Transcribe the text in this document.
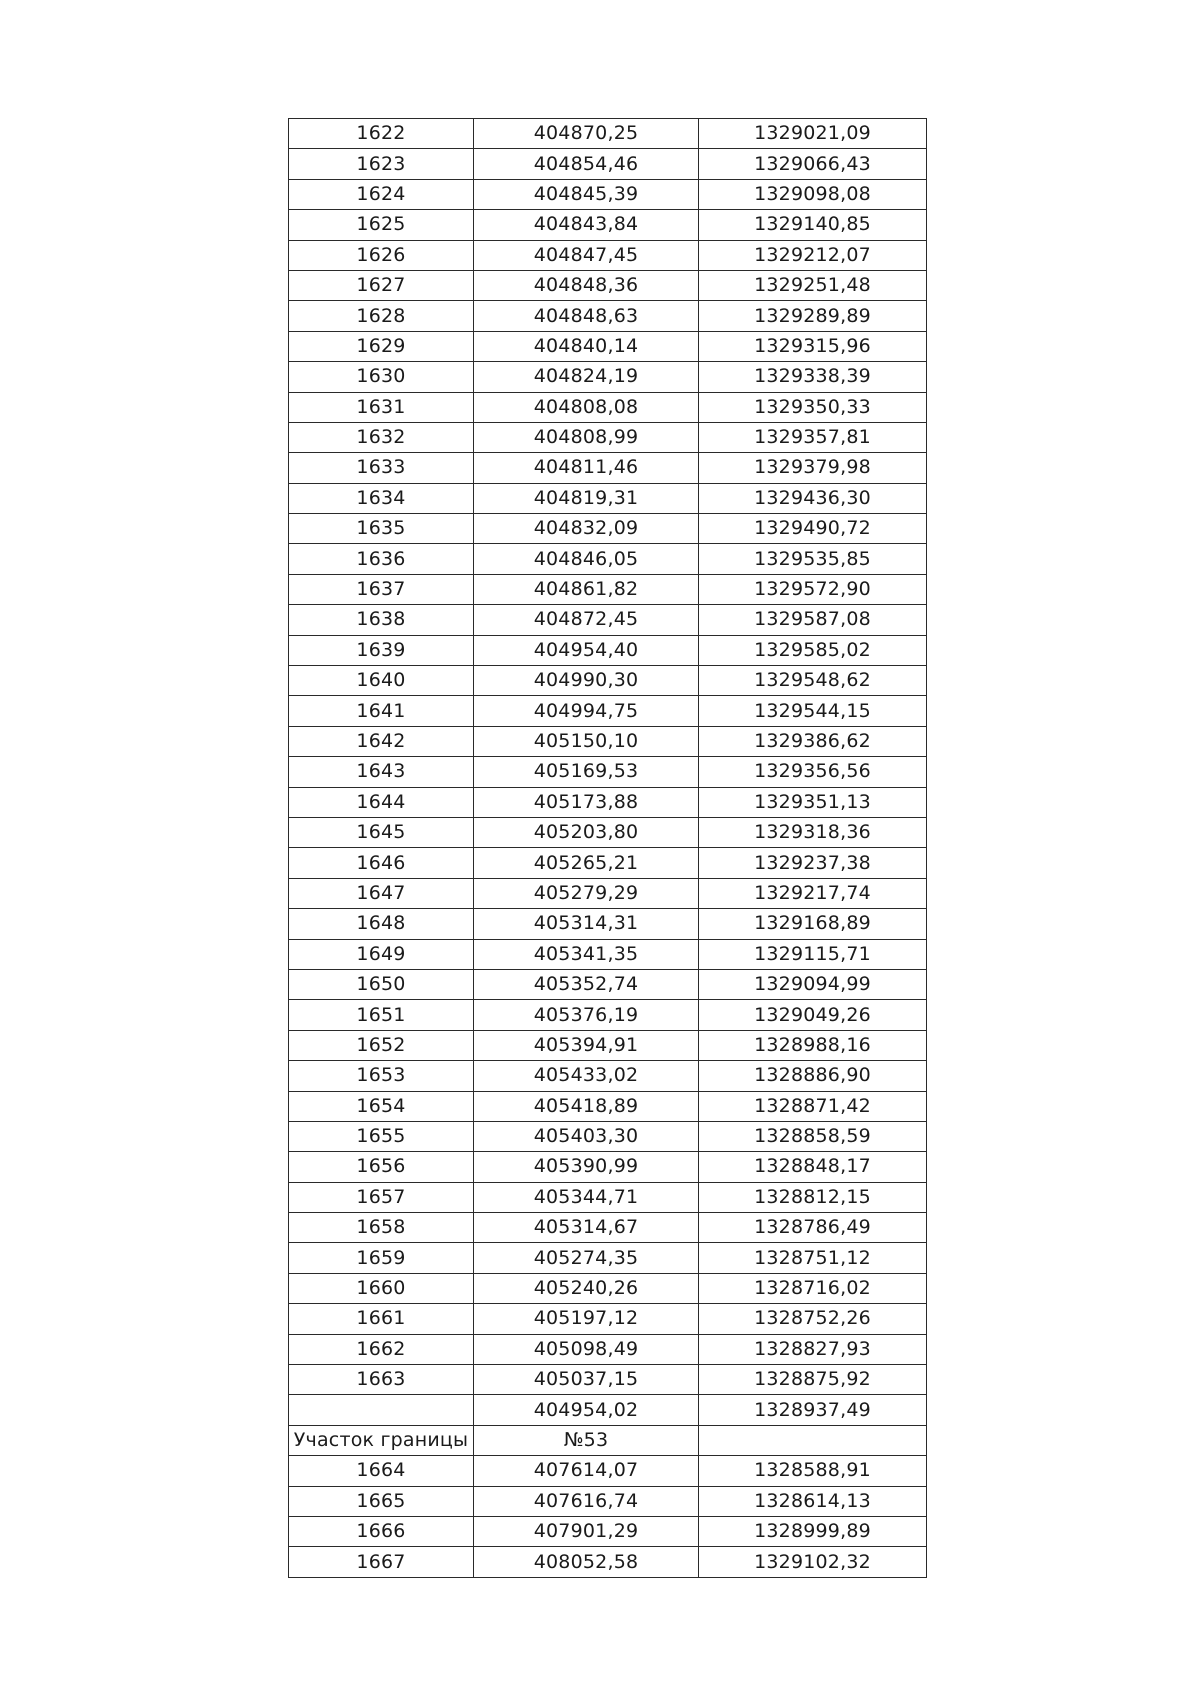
1622	404870,25	1329021,09
1623	404854,46	1329066,43
1624	404845,39	1329098,08
1625	404843,84	1329140,85
1626	404847,45	1329212,07
1627	404848,36	1329251,48
1628	404848,63	1329289,89
1629	404840,14	1329315,96
1630	404824,19	1329338,39
1631	404808,08	1329350,33
1632	404808,99	1329357,81
1633	404811,46	1329379,98
1634	404819,31	1329436,30
1635	404832,09	1329490,72
1636	404846,05	1329535,85
1637	404861,82	1329572,90
1638	404872,45	1329587,08
1639	404954,40	1329585,02
1640	404990,30	1329548,62
1641	404994,75	1329544,15
1642	405150,10	1329386,62
1643	405169,53	1329356,56
1644	405173,88	1329351,13
1645	405203,80	1329318,36
1646	405265,21	1329237,38
1647	405279,29	1329217,74
1648	405314,31	1329168,89
1649	405341,35	1329115,71
1650	405352,74	1329094,99
1651	405376,19	1329049,26
1652	405394,91	1328988,16
1653	405433,02	1328886,90
1654	405418,89	1328871,42
1655	405403,30	1328858,59
1656	405390,99	1328848,17
1657	405344,71	1328812,15
1658	405314,67	1328786,49
1659	405274,35	1328751,12
1660	405240,26	1328716,02
1661	405197,12	1328752,26
1662	405098,49	1328827,93
1663	405037,15	1328875,92
	404954,02	1328937,49
Участок границы	№53	
1664	407614,07	1328588,91
1665	407616,74	1328614,13
1666	407901,29	1328999,89
1667	408052,58	1329102,32
